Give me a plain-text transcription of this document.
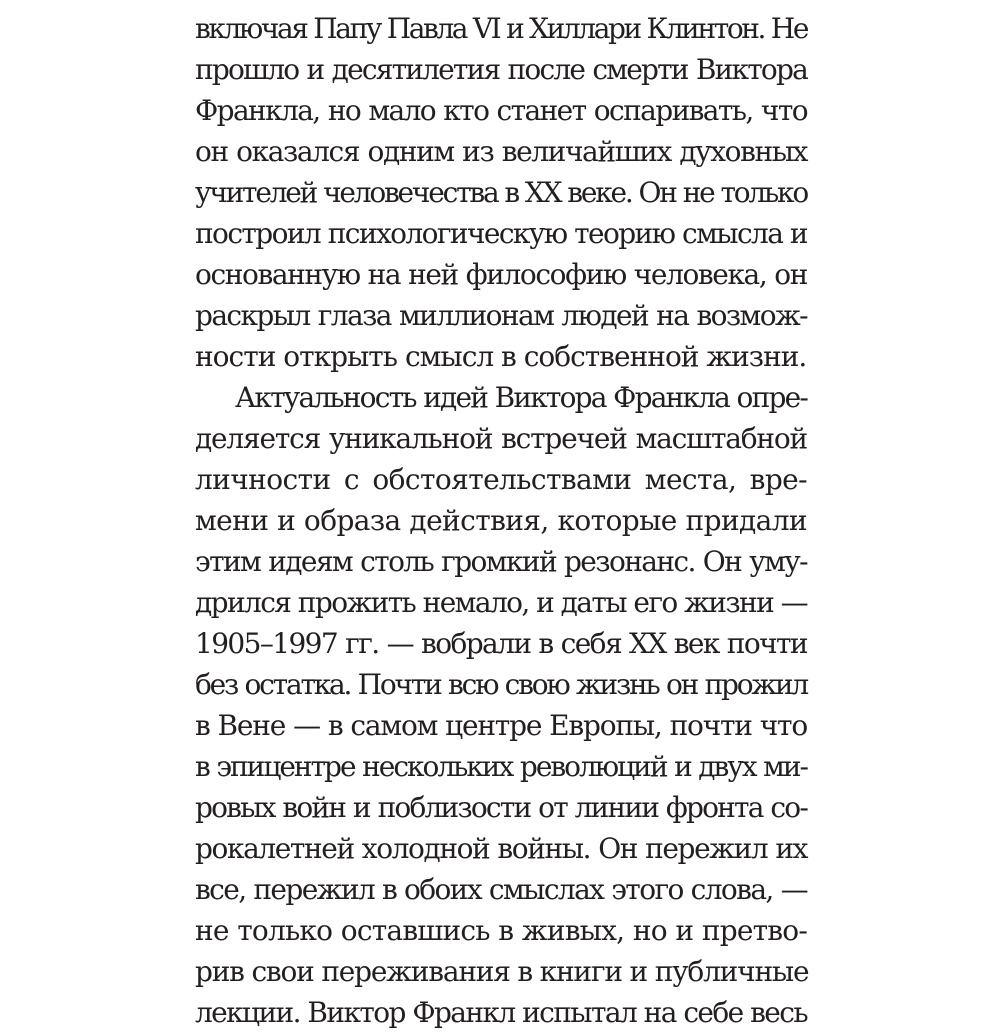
включая Папу Павла VI и Хиллари Клинтон. Не
прошло и десятилетия после смерти Виктора
Франкла, но мало кто станет оспаривать, что
он оказался одним из величайших духовных
учителей человечества в XX веке. Он не только
построил психологическую теорию смысла и
основанную на ней философию человека, он
раскрыл глаза миллионам людей на возмож-
ности открыть смысл в собственной жизни.
Актуальность идей Виктора Франкла опре-
деляется уникальной встречей масштабной
личности с обстоятельствами места, вре-
мени и образа действия, которые придали
этим идеям столь громкий резонанс. Он уму-
дрился прожить немало, и даты его жизни —
1905–1997 гг. — вобрали в себя XX век почти
без остатка. Почти всю свою жизнь он прожил
в Вене — в самом центре Европы, почти что
в эпицентре нескольких революций и двух ми-
ровых войн и поблизости от линии фронта со-
рокалетней холодной войны. Он пережил их
все, пережил в обоих смыслах этого слова, —
не только оставшись в живых, но и претво-
рив свои переживания в книги и публичные
лекции. Виктор Франкл испытал на себе весь
